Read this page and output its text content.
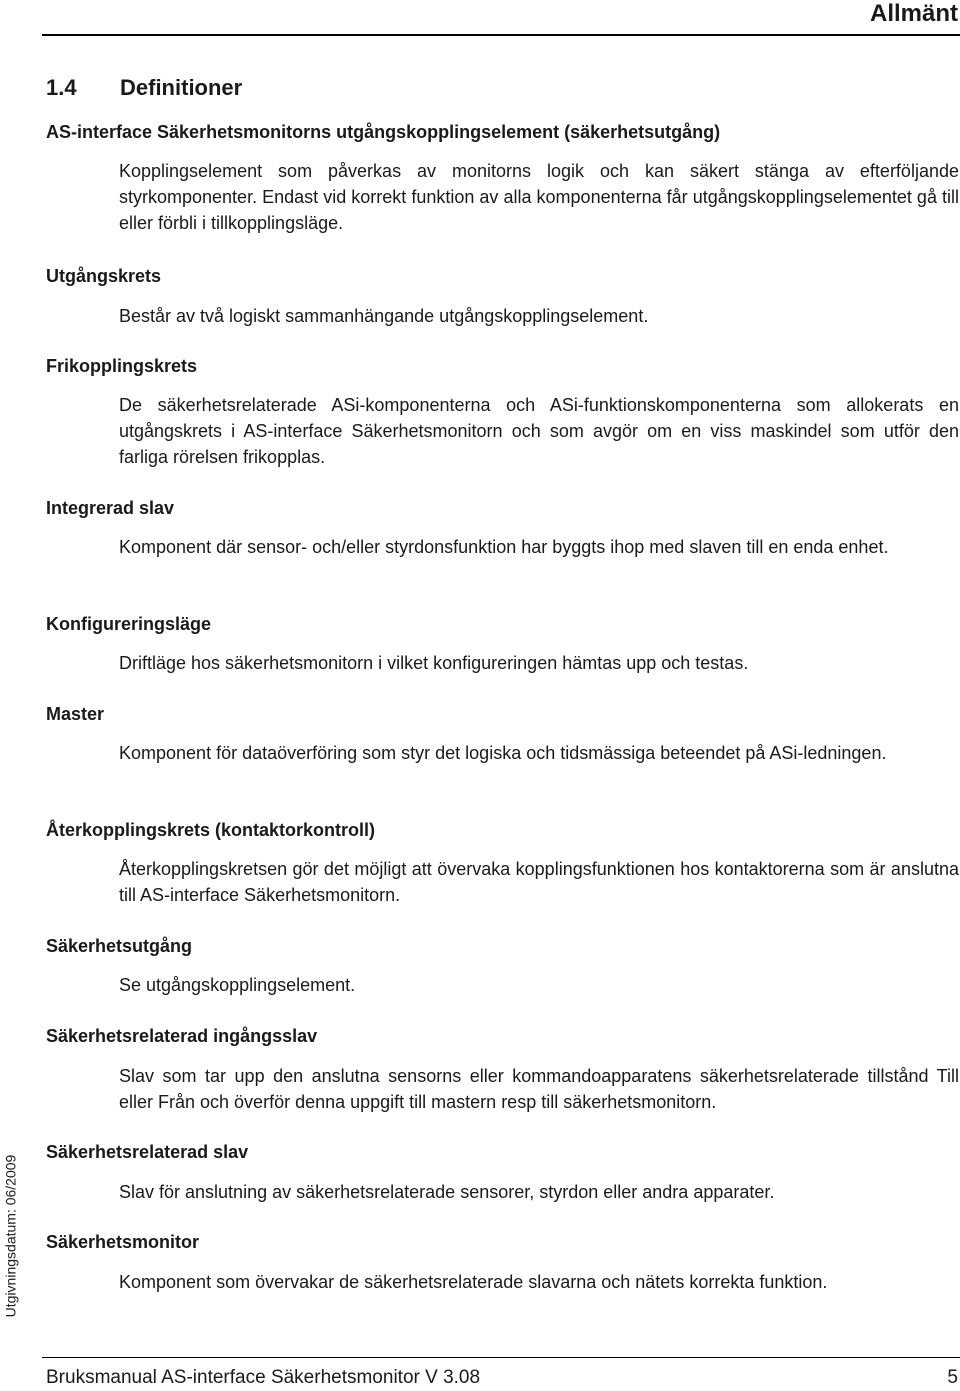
Allmänt
1.4 Definitioner
AS-interface Säkerhetsmonitorns utgångskopplingselement (säkerhetsutgång)
Kopplingselement som påverkas av monitorns logik och kan säkert stänga av efterföljande styrkomponenter. Endast vid korrekt funktion av alla komponenterna får utgångskopplingselementet gå till eller förbli i tillkopplingsläge.
Utgångskrets
Består av två logiskt sammanhängande utgångskopplingselement.
Frikopplingskrets
De säkerhetsrelaterade ASi-komponenterna och ASi-funktionskomponenterna som allokerats en utgångskrets i AS-interface Säkerhetsmonitorn och som avgör om en viss maskindel som utför den farliga rörelsen frikopplas.
Integrerad slav
Komponent där sensor- och/eller styrdonsfunktion har byggts ihop med slaven till en enda enhet.
Konfigureringsläge
Driftläge hos säkerhetsmonitorn i vilket konfigureringen hämtas upp och testas.
Master
Komponent för dataöverföring som styr det logiska och tidsmässiga beteendet på ASi-ledningen.
Återkopplingskrets (kontaktorkontroll)
Återkopplingskretsen gör det möjligt att övervaka kopplingsfunktionen hos kontaktorerna som är anslutna till AS-interface Säkerhetsmonitorn.
Säkerhetsutgång
Se utgångskopplingselement.
Säkerhetsrelaterad ingångsslav
Slav som tar upp den anslutna sensorns eller kommandoapparatens säkerhetsrelaterade tillstånd Till eller Från och överför denna uppgift till mastern resp till säkerhetsmonitorn.
Säkerhetsrelaterad slav
Slav för anslutning av säkerhetsrelaterade sensorer, styrdon eller andra apparater.
Säkerhetsmonitor
Komponent som övervakar de säkerhetsrelaterade slavarna och nätets korrekta funktion.
Utgivningsdatum: 06/2009
Bruksmanual AS-interface Säkerhetsmonitor V 3.08	5
